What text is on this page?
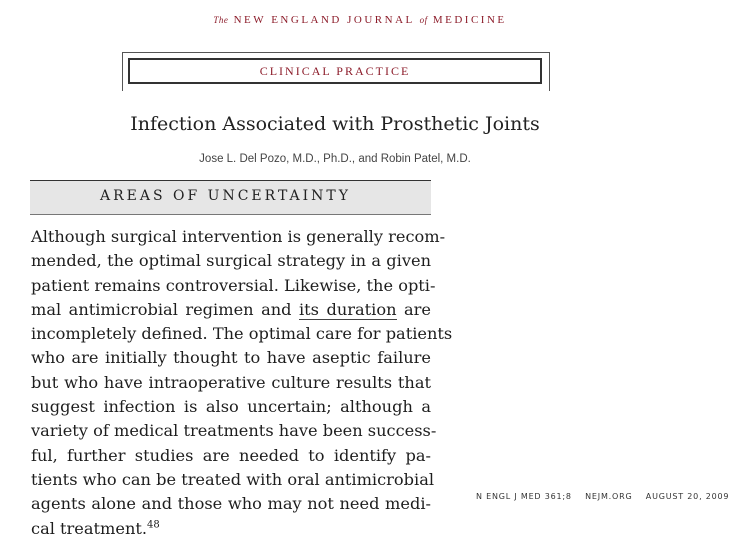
The NEW ENGLAND JOURNAL of MEDICINE
CLINICAL PRACTICE
Infection Associated with Prosthetic Joints
Jose L. Del Pozo, M.D., Ph.D., and Robin Patel, M.D.
AREAS OF UNCERTAINTY
Although surgical intervention is generally recom-
mended, the optimal surgical strategy in a given
patient remains controversial. Likewise, the opti-
mal antimicrobial regimen and its duration are
incompletely defined. The optimal care for patients
who are initially thought to have aseptic failure
but who have intraoperative culture results that
suggest infection is also uncertain; although a
variety of medical treatments have been success-
ful, further studies are needed to identify pa-
tients who can be treated with oral antimicrobial
agents alone and those who may not need medi-
cal treatment.$^{48}$
N ENGL J MED 361;8 NEJM.ORG AUGUST 20, 2009
